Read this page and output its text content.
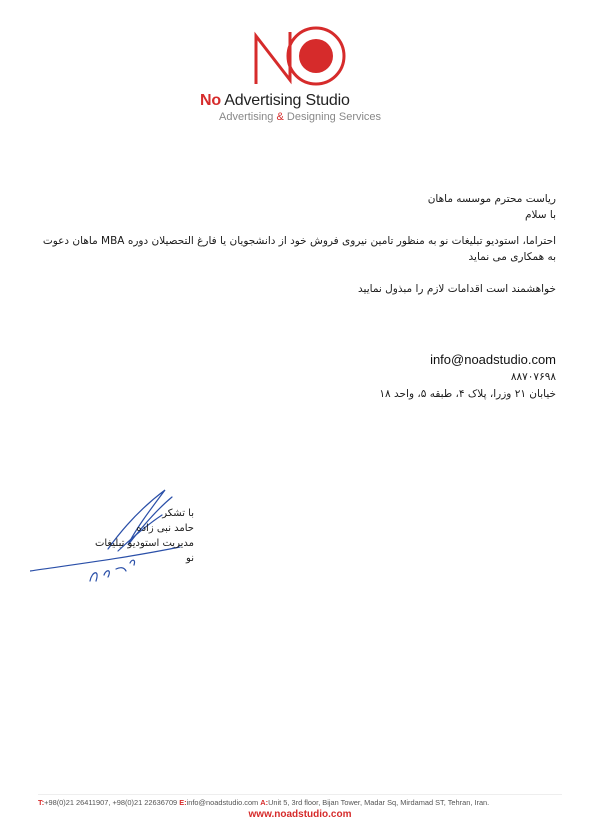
No Advertising Studio
Advertising & Designing Services
ریاست محترم موسسه ماهان
با سلام
احتراما، استودیو تبلیغات نو به منظور تامین نیروی فروش خود از دانشجویان یا فارغ التحصیلان دوره MBA ماهان دعوت به همکاری می نماید
خواهشمند است اقدامات لازم را مبذول نمایید
info@noadstudio.com
۸۸۷۰۷۶۹۸
خیابان ۲۱ وزرا، پلاک ۴، طبقه ۵، واحد ۱۸
با تشکر
حامد نبی زاده
مدیریت استودیو تبلیغات نو
T:+98(0)21 26411907, +98(0)21 22636709 E:info@noadstudio.com A:Unit 5, 3rd floor, Bijan Tower, Madar Sq, Mirdamad ST, Tehran, Iran.
www.noadstudio.com
